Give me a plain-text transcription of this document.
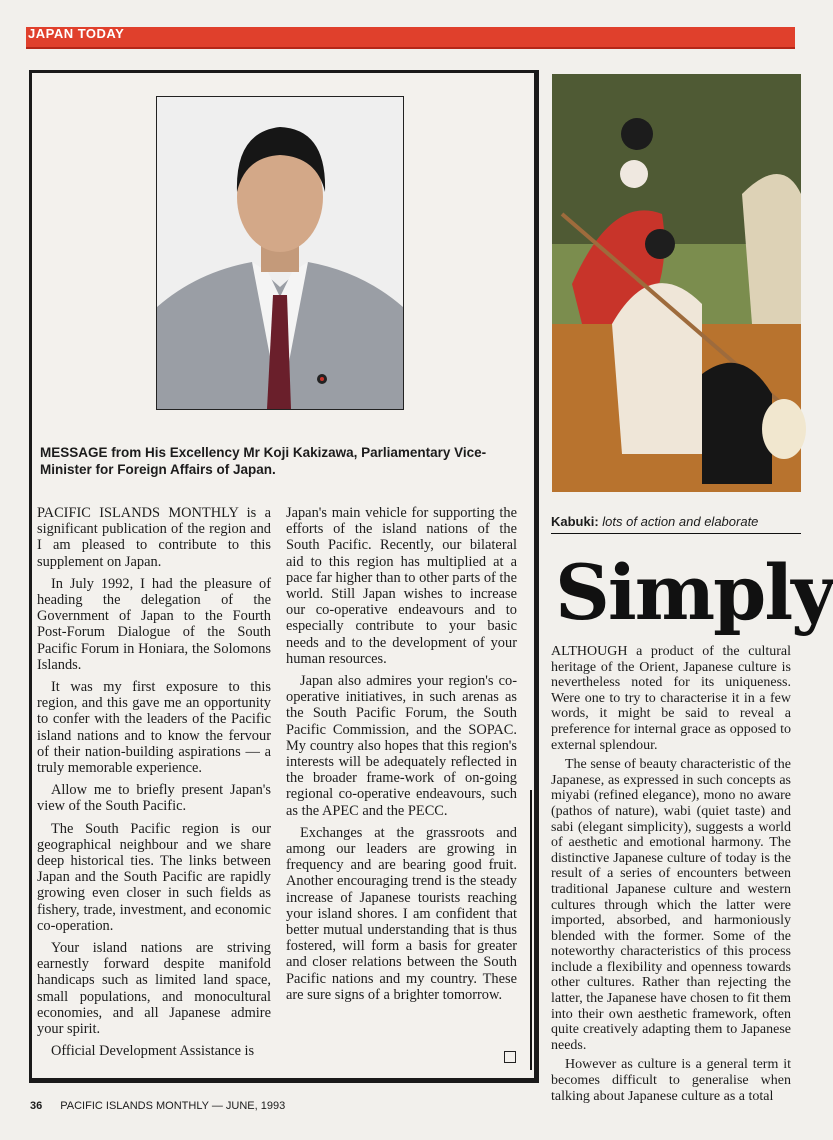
JAPAN TODAY
MESSAGE from His Excellency Mr Koji Kakizawa, Parliamentary Vice-Minister for Foreign Affairs of Japan.

PACIFIC ISLANDS MONTHLY is a significant publication of the region and I am pleased to contribute to this supplement on Japan.

In July 1992, I had the pleasure of heading the delegation of the Government of Japan to the Fourth Post-Forum Dialogue of the South Pacific Forum in Honiara, the Solomons Islands.

It was my first exposure to this region, and this gave me an opportunity to confer with the leaders of the Pacific island nations and to know the fervour of their nation-building aspirations — a truly memorable experience.

Allow me to briefly present Japan's view of the South Pacific.

The South Pacific region is our geographical neighbour and we share deep historical ties. The links between Japan and the South Pacific are rapidly growing even closer in such fields as fishery, trade, investment, and economic co-operation.

Your island nations are striving earnestly forward despite manifold handicaps such as limited land space, small populations, and monocultural economies, and all Japanese admire your spirit.

Official Development Assistance is

Japan's main vehicle for supporting the efforts of the island nations of the South Pacific. Recently, our bilateral aid to this region has multiplied at a pace far higher than to other parts of the world. Still Japan wishes to increase our co-operative endeavours and to especially contribute to your basic needs and to the development of your human resources.

Japan also admires your region's co-operative initiatives, in such arenas as the South Pacific Forum, the South Pacific Commission, and the SOPAC. My country also hopes that this region's interests will be adequately reflected in the broader frame-work of on-going regional co-operative endeavours, such as the APEC and the PECC.

Exchanges at the grassroots and among our leaders are growing in frequency and are bearing good fruit. Another encouraging trend is the steady increase of Japanese tourists reaching your island shores. I am confident that better mutual understanding that is thus fostered, will form a basis for greater and closer relations between the South Pacific nations and my country. These are sure signs of a brighter tomorrow.

Kabuki: lots of action and elaborate
Simply

ALTHOUGH a product of the cultural heritage of the Orient, Japanese culture is nevertheless noted for its uniqueness. Were one to try to characterise it in a few words, it might be said to reveal a preference for internal grace as opposed to external splendour.

The sense of beauty characteristic of the Japanese, as expressed in such concepts as miyabi (refined elegance), mono no aware (pathos of nature), wabi (quiet taste) and sabi (elegant simplicity), suggests a world of aesthetic and emotional harmony. The distinctive Japanese culture of today is the result of a series of encounters between traditional Japanese culture and western cultures through which the latter were imported, absorbed, and harmoniously blended with the former. Some of the noteworthy characteristics of this process include a flexibility and openness towards other cultures. Rather than rejecting the latter, the Japanese have chosen to fit them into their own aesthetic framework, often quite creatively adapting them to Japanese needs.

However as culture is a general term it becomes difficult to generalise when talking about Japanese culture as a total

36 PACIFIC ISLANDS MONTHLY — JUNE, 1993
